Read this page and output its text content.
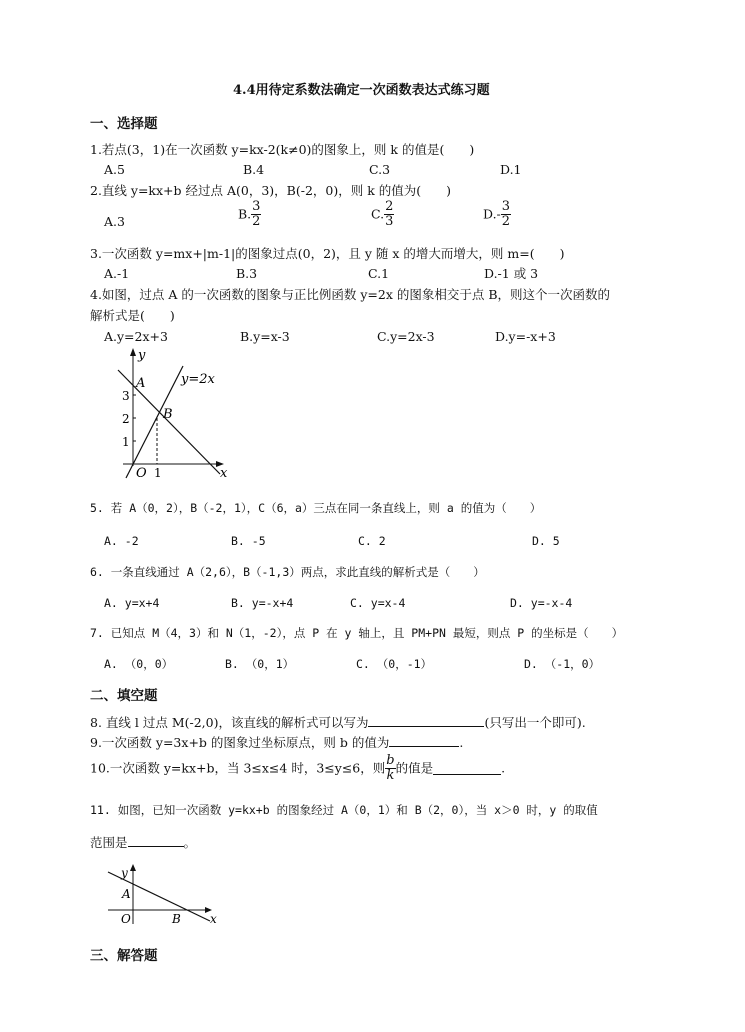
4.4用待定系数法确定一次函数表达式练习题
一、选择题
1.若点(3，1)在一次函数 y=kx-2(k≠0)的图象上，则 k 的值是(　　)
A.5	B.4	C.3	D.1
2.直线 y=kx+b 经过点 A(0，3)，B(-2，0)，则 k 的值为(　　)
A.3	B. $\frac{3}{2}$	C. $\frac{2}{3}$	$D.- \frac{3}{2}$
3.一次函数 y=mx+|m-1|的图象过点(0，2)，且 y 随 x 的增大而增大，则 m=(　　)
A.-1	B.3	C.1	D.-1 或 3
4.如图，过点 A 的一次函数的图象与正比例函数 y=2x 的图象相交于点 B，则这个一次函数的
解析式是(　　)
A.y=2x+3	B.y=x-3	C.y=2x-3	D.y=-x+3
y
x
O
A
B
y=2x
3
2
1
1
5. 若 A（0，2），B（-2，1），C（6，a）三点在同一条直线上，则 a 的值为（　　）
A. -2	B. -5	C. 2	D. 5
6. 一条直线通过 A（2,6），B（-1,3）两点，求此直线的解析式是（　　）
A. y=x+4	B. y=-x+4	C. y=x-4	D. y=-x-4
7. 已知点 M（4，3）和 N（1，-2），点 P 在 y 轴上，且 PM+PN 最短，则点 P 的坐标是（　　）
A. （0，0）	B. （0，1）	C. （0，-1）	D. （-1，0）
二、填空题
8. 直线 l 过点 M(-2,0)，该直线的解析式可以写为	(只写出一个即可).
9.一次函数 y=3x+b 的图象过坐标原点，则 b 的值为	.
10.一次函数 y=kx+b，当 3≤x≤4 时，3≤y≤6，则 $\frac{b}{k}$ 的值是	.
11. 如图，已知一次函数 y=kx+b 的图象经过 A（0，1）和 B（2，0），当 x＞0 时，y 的取值
范围是	。
y
A
O	B x
三、解答题
